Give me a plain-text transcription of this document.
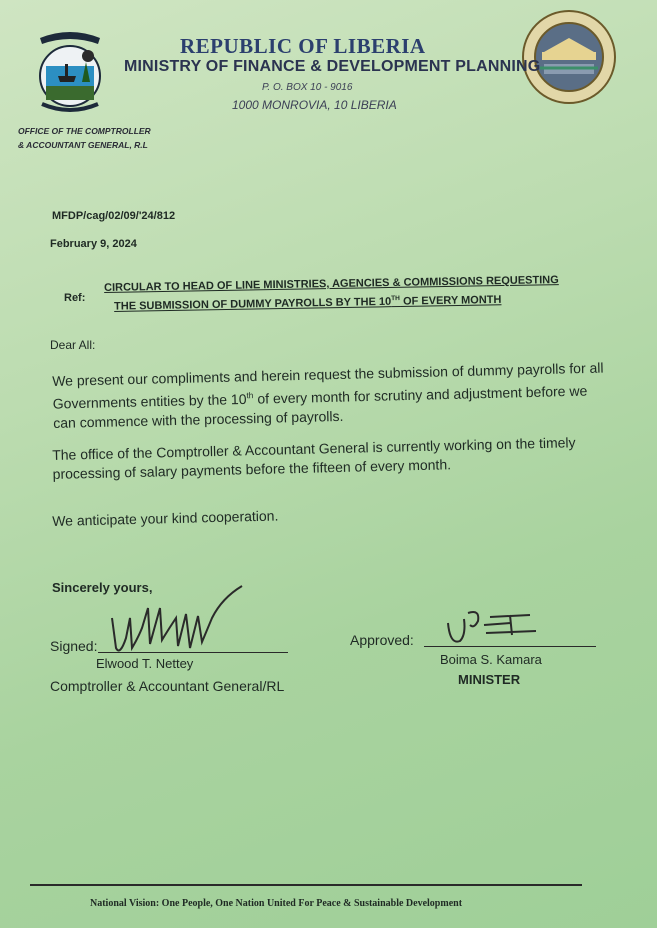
REPUBLIC OF LIBERIA
MINISTRY OF FINANCE & DEVELOPMENT PLANNING
P. O. BOX 10 - 9016
1000 MONROVIA, 10 LIBERIA
OFFICE OF THE COMPTROLLER
& ACCOUNTANT GENERAL, R.L
MFDP/cag/02/09/'24/812
February 9, 2024
Ref:
CIRCULAR TO HEAD OF LINE MINISTRIES, AGENCIES & COMMISSIONS REQUESTING
THE SUBMISSION OF DUMMY PAYROLLS BY THE 10TH OF EVERY MONTH
Dear All:
We present our compliments and herein request the submission of dummy payrolls for all Governments entities by the 10th of every month for scrutiny and adjustment before we can commence with the processing of payrolls.
The office of the Comptroller & Accountant General is currently working on the timely processing of salary payments before the fifteen of every month.
We anticipate your kind cooperation.
Sincerely yours,
Signed:
Elwood T. Nettey
Comptroller & Accountant General/RL
Approved:
Boima S. Kamara
MINISTER
National Vision: One People, One Nation United For Peace & Sustainable Development
